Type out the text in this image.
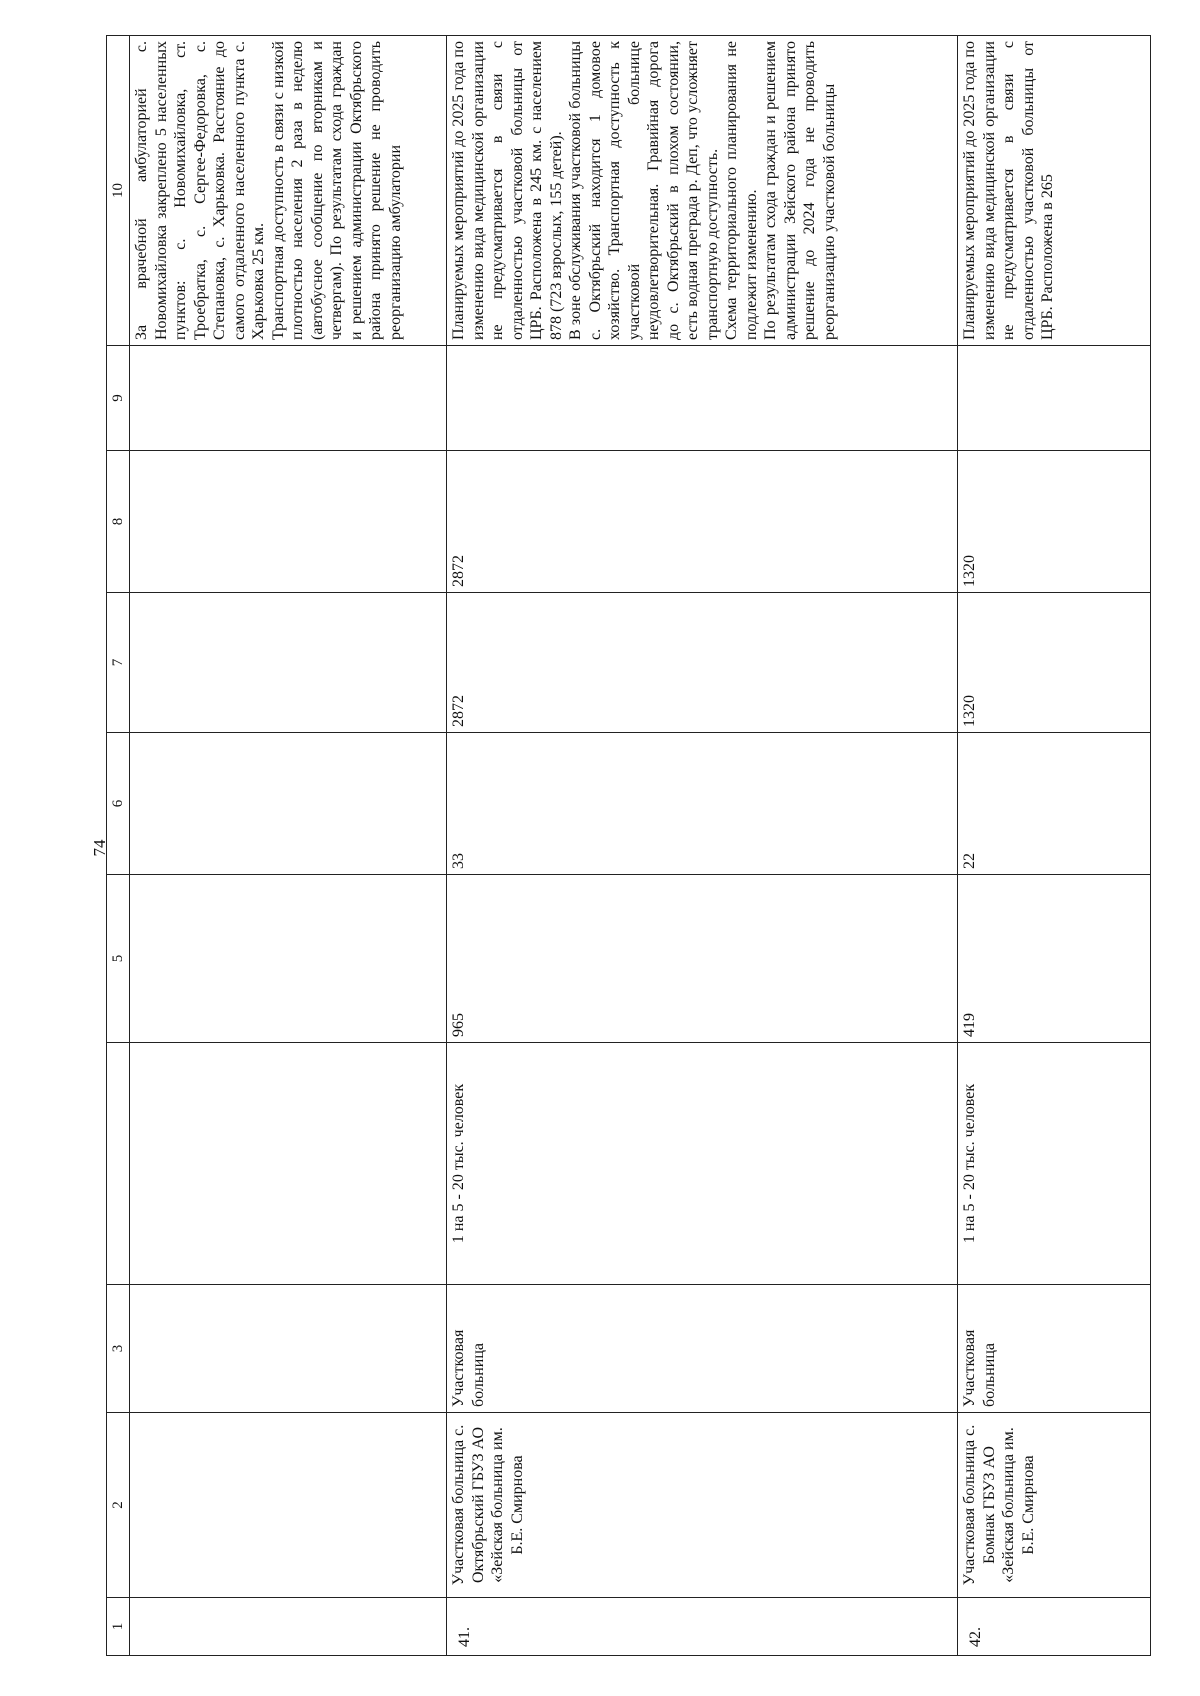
74
1	2	3		5	6	7	8	9	10

									За врачебной амбулаторией с. Новомихайловка закреплено 5 населенных пунктов: с. Новомихайловка, ст. Троебратка, с. Сергее-Федоровка, с. Степановка, с. Харьковка. Расстояние до самого отдаленного населенного пункта с. Харьковка 25 км. Транспортная доступность в связи с низкой плотностью населения 2 раза в неделю (автобусное сообщение по вторникам и четвергам). По результатам схода граждан и решением администрации Октябрьского района принято решение не проводить реорганизацию амбулатории

41.	Участковая больница с. Октябрьский ГБУЗ АО «Зейская больница им. Б.Е. Смирнова	Участковая больница	1 на 5 - 20 тыс. человек	965	33	2872	2872		Планируемых мероприятий до 2025 года по изменению вида медицинской организации не предусматривается в связи с отдаленностью участковой больницы от ЦРБ. Расположена в 245 км. с населением 878 (723 взрослых, 155 детей). В зоне обслуживания участковой больницы с. Октябрьский находится 1 домовое хозяйство. Транспортная доступность к участковой больнице неудовлетворительная. Гравийная дорога до с. Октябрьский в плохом состоянии, есть водная преграда р. Деп, что усложняет транспортную доступность. Схема территориального планирования не подлежит изменению. По результатам схода граждан и решением администрации Зейского района принято решение до 2024 года не проводить реорганизацию участковой больницы

42.	Участковая больница с. Бомнак ГБУЗ АО «Зейская больница им. Б.Е. Смирнова	Участковая больница	1 на 5 - 20 тыс. человек	419	22	1320	1320		Планируемых мероприятий до 2025 года по изменению вида медицинской организации не предусматривается в связи с отдаленностью участковой больницы от ЦРБ. Расположена в 265
